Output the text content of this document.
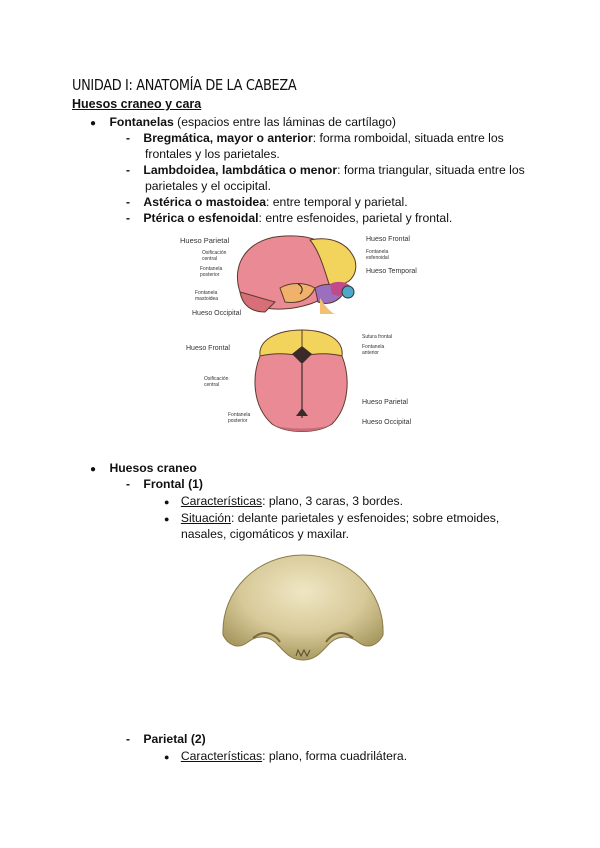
UNIDAD I: ANATOMÍA DE LA CABEZA
Huesos craneo y cara
● Fontanelas (espacios entre las láminas de cartílago)
- Bregmática, mayor o anterior: forma romboidal, situada entre los
frontales y los parietales.
- Lambdoidea, lambdática o menor: forma triangular, situada entre los
parietales y el occipital.
- Astérica o mastoidea: entre temporal y parietal.
- Ptérica o esfenoidal: entre esfenoides, parietal y frontal.
Hueso Parietal
Osificación central
Fontanela posterior
Fontanela mastoidea
Hueso Occipital
Hueso Frontal
Fontanela esfenoidal
Hueso Temporal
Hueso Frontal
Sutura frontal
Fontanela anterior
Osificación central
Hueso Parietal
Fontanela posterior	Hueso Occipital
● Huesos craneo
- Frontal (1)
● Características: plano, 3 caras, 3 bordes.
● Situación: delante parietales y esfenoides; sobre etmoides,
nasales, cigomáticos y maxilar.
- Parietal (2)
● Características: plano, forma cuadrilátera.
